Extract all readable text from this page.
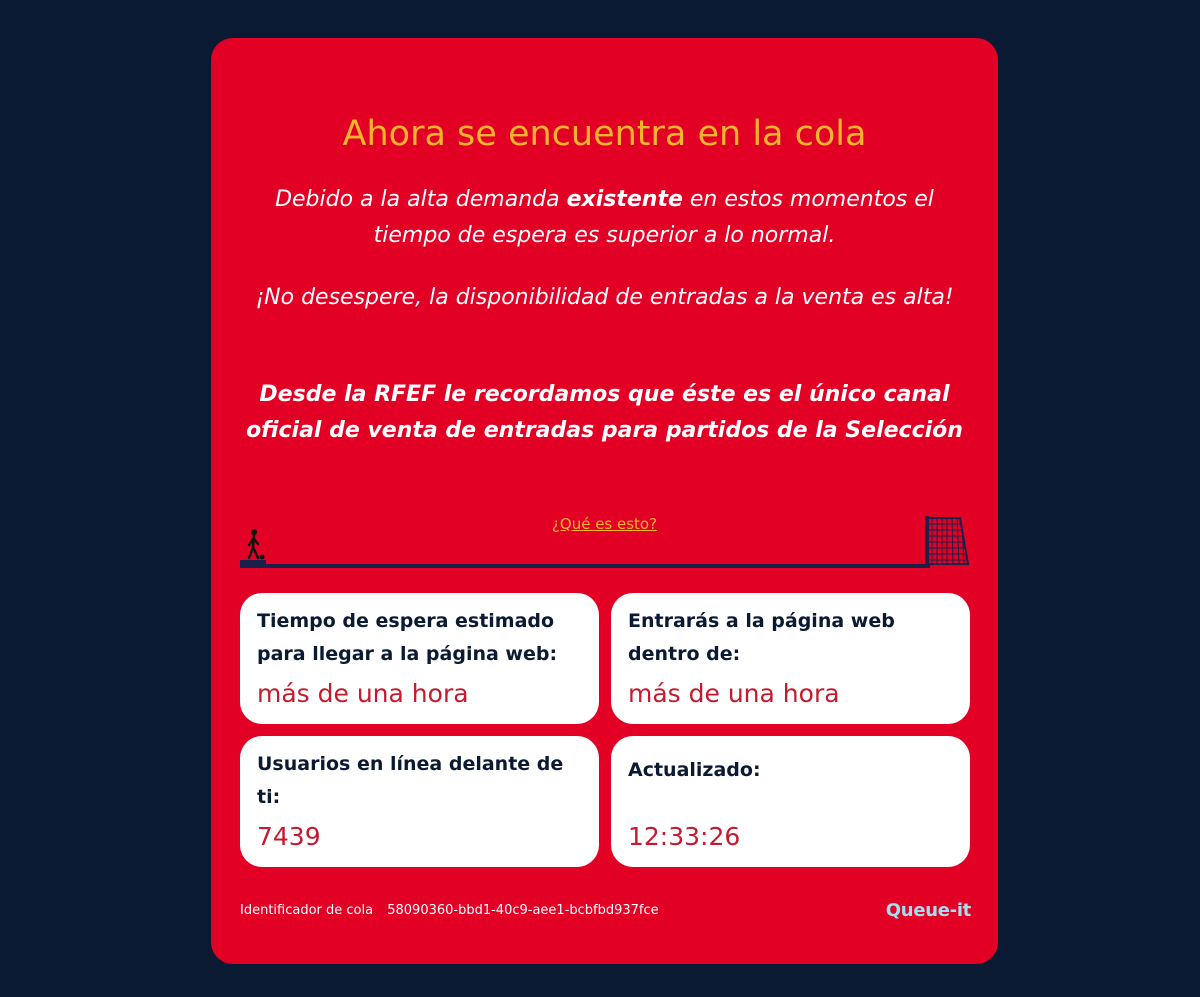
Ahora se encuentra en la cola

Debido a la alta demanda existente en estos momentos el tiempo de espera es superior a lo normal.

¡No desespere, la disponibilidad de entradas a la venta es alta!

Desde la RFEF le recordamos que éste es el único canal oficial de venta de entradas para partidos de la Selección

¿Qué es esto?
Tiempo de espera estimado para llegar a la página web:
más de una hora
Entrarás a la página web dentro de:
más de una hora
Usuarios en línea delante de ti:
7439
Actualizado:
12:33:26
Identificador de cola 58090360-bbd1-40c9-aee1-bcbfbd937fce	Queue-it
